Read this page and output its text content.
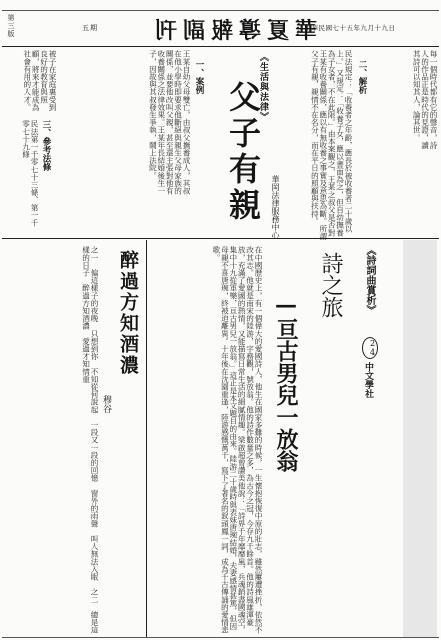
第三版	五期	華夏導報副刊
中華民國七十五年九月十九日
每一個時代都有它的聲音，詩人的作品正是時代的見證，讀其詩可以知其人，論其世。
《生活與法律》
華岡法律服務中心
父子有親
一、案例
王某自幼父母雙亡，由叔父撫養成人，其叔在他小學時即要求他斷絕與親生父母家族的關係，並要他改叫父親，甚至還主張對他有收養關係之法律效果。王某年長結婚後生一子，因故與其叔發生爭執，鬧上法院。	二、解析
民法規定：「收養者之年齡，應長於被收養者二十歲以上。」又規定：「收養子女，應以書面為之，但自幼撫養為子女者，不在此限。」由本案觀之，王某之叔父是否對王某有收養關係，應以有無收養之事實及意思為斷。所謂父子有親，親情不在名分，而在平日的照顧與扶持。
三、參考法條
民法第一千零七十三條、第一千零七十九條
被子在家庭裏受到良好的教育與照顧，將來才能成為社會有用的人才。
《詩詞曲賞析》
24
中文學社
詩之旅
—亘古男兒一放翁
在中國歷史上，有一個偉大的愛國詩人，他生在國家多難的時候，一生懷抱恢復中原的壯志，雖然屢遭挫折，依然不改其志。他就是南宋的陸游，字務觀，號放翁。他的詩作數量之多，為古今之冠，今存九千餘首。他的詩風雄渾豪放，充滿了愛國的熱情，又能描寫日常生活的細膩情趣。梁啟超曾讚美他說：「詩界千年靡靡風，兵魂銷盡國魂空，集中十九從軍樂，亘古男兒一放翁。」這正是本文題目的由來。陸游二十歲時與表妹唐琬結婚，夫妻感情甚篤，但因母親不喜唐琬，終被迫離異。十年後在沈園重逢，陸游感慨萬千，寫下了著名的釵頭鳳一詞，成為千古傳誦的愛情悲歌。
醉過方知酒濃
穆谷
之一　偏這樣子的夜晚　只想到你　不知從何說起　一段又一段的回憶　窗外的雨聲　叫人無法入眠　之二　總是這樣的日子　醉過方知酒濃　愛過才知情重
